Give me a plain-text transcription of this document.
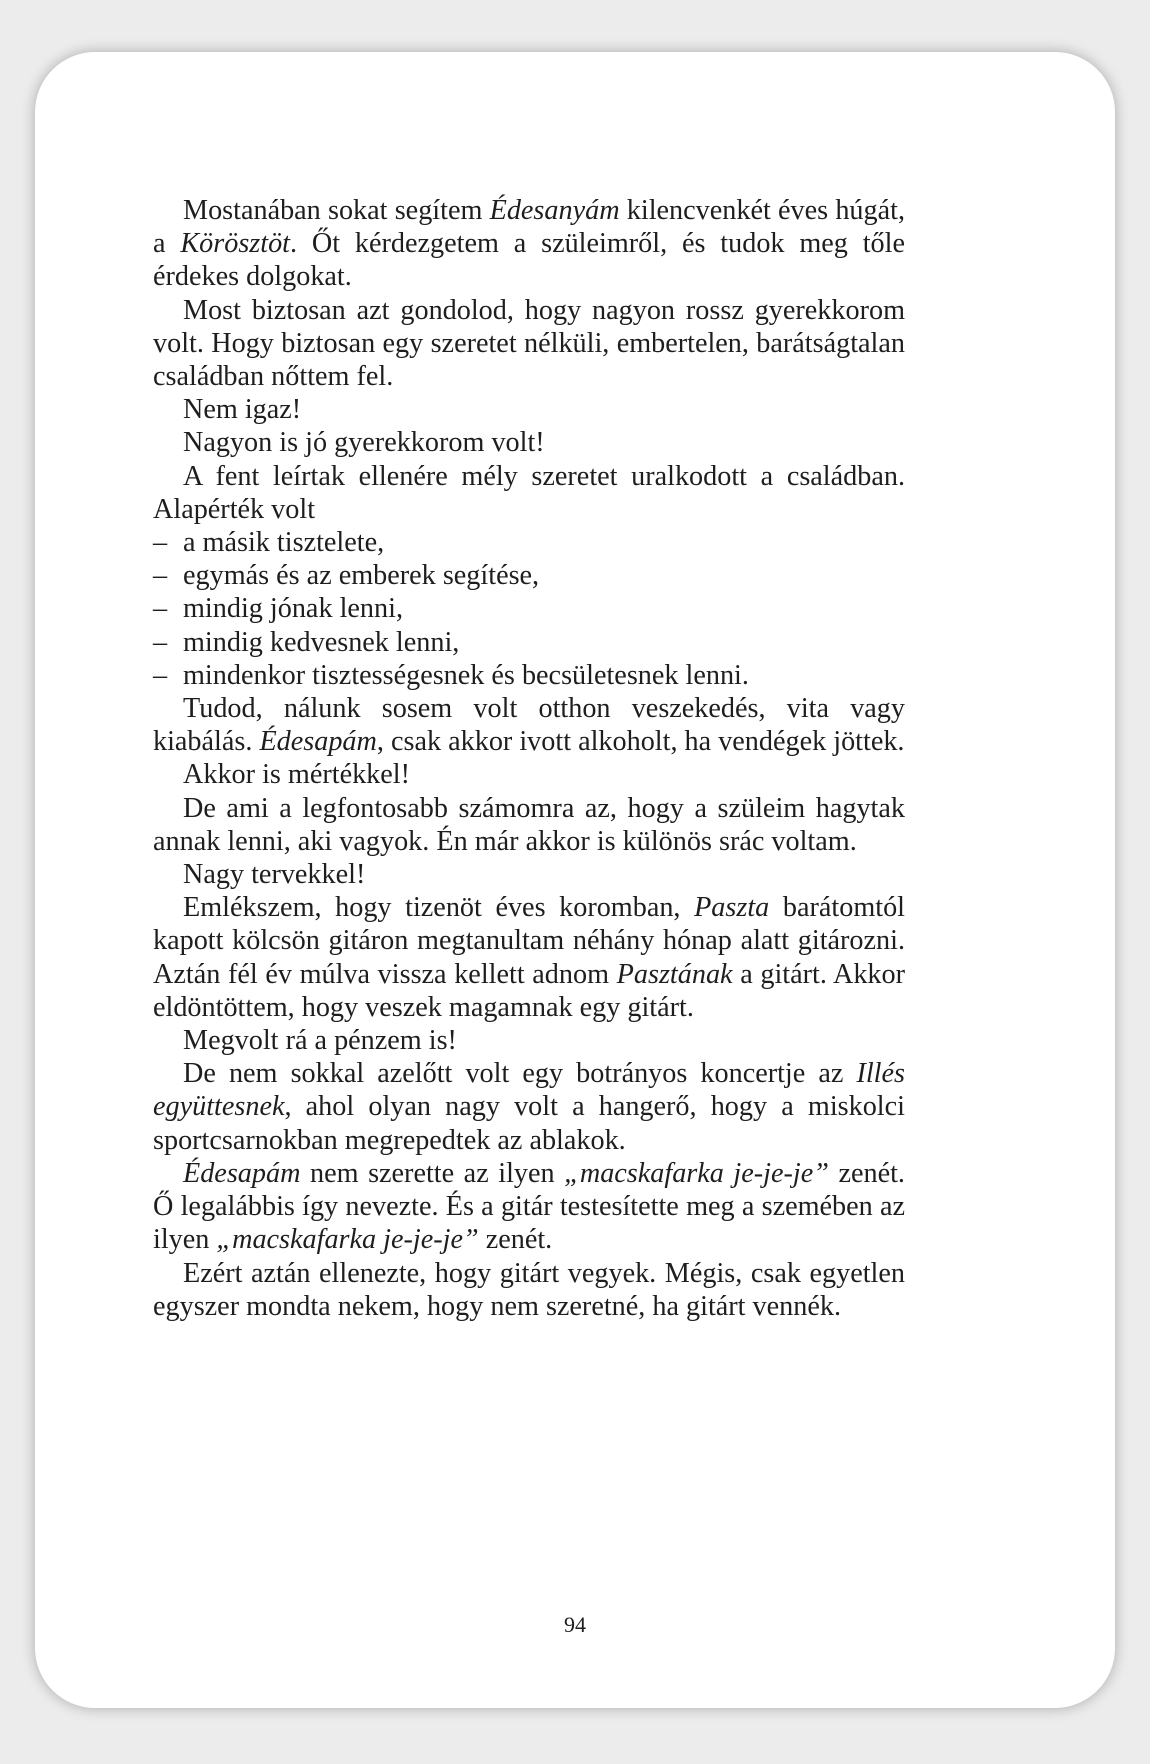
Mostanában sokat segítem Édesanyám kilencvenkét éves húgát, a Körösztöt. Őt kérdezgetem a szüleimről, és tudok meg tőle érdekes dolgokat.

Most biztosan azt gondolod, hogy nagyon rossz gyerekkorom volt. Hogy biztosan egy szeretet nélküli, embertelen, barátságtalan családban nőttem fel.

Nem igaz!

Nagyon is jó gyerekkorom volt!

A fent leírtak ellenére mély szeretet uralkodott a családban. Alapérték volt

– a másik tisztelete,

– egymás és az emberek segítése,

– mindig jónak lenni,

– mindig kedvesnek lenni,

– mindenkor tisztességesnek és becsületesnek lenni.

Tudod, nálunk sosem volt otthon veszekedés, vita vagy kiabálás. Édesapám, csak akkor ivott alkoholt, ha vendégek jöttek.

Akkor is mértékkel!

De ami a legfontosabb számomra az, hogy a szüleim hagytak annak lenni, aki vagyok. Én már akkor is különös srác voltam.

Nagy tervekkel!

Emlékszem, hogy tizenöt éves koromban, Paszta barátomtól kapott kölcsön gitáron megtanultam néhány hónap alatt gitározni. Aztán fél év múlva vissza kellett adnom Pasztának a gitárt. Akkor eldöntöttem, hogy veszek magamnak egy gitárt.

Megvolt rá a pénzem is!

De nem sokkal azelőtt volt egy botrányos koncertje az Illés együttesnek, ahol olyan nagy volt a hangerő, hogy a miskolci sportcsarnokban megrepedtek az ablakok.

Édesapám nem szerette az ilyen „macskafarka je-je-je” zenét. Ő legalábbis így nevezte. És a gitár testesítette meg a szemében az ilyen „macskafarka je-je-je” zenét.

Ezért aztán ellenezte, hogy gitárt vegyek. Mégis, csak egyetlen egyszer mondta nekem, hogy nem szeretné, ha gitárt vennék.

94
